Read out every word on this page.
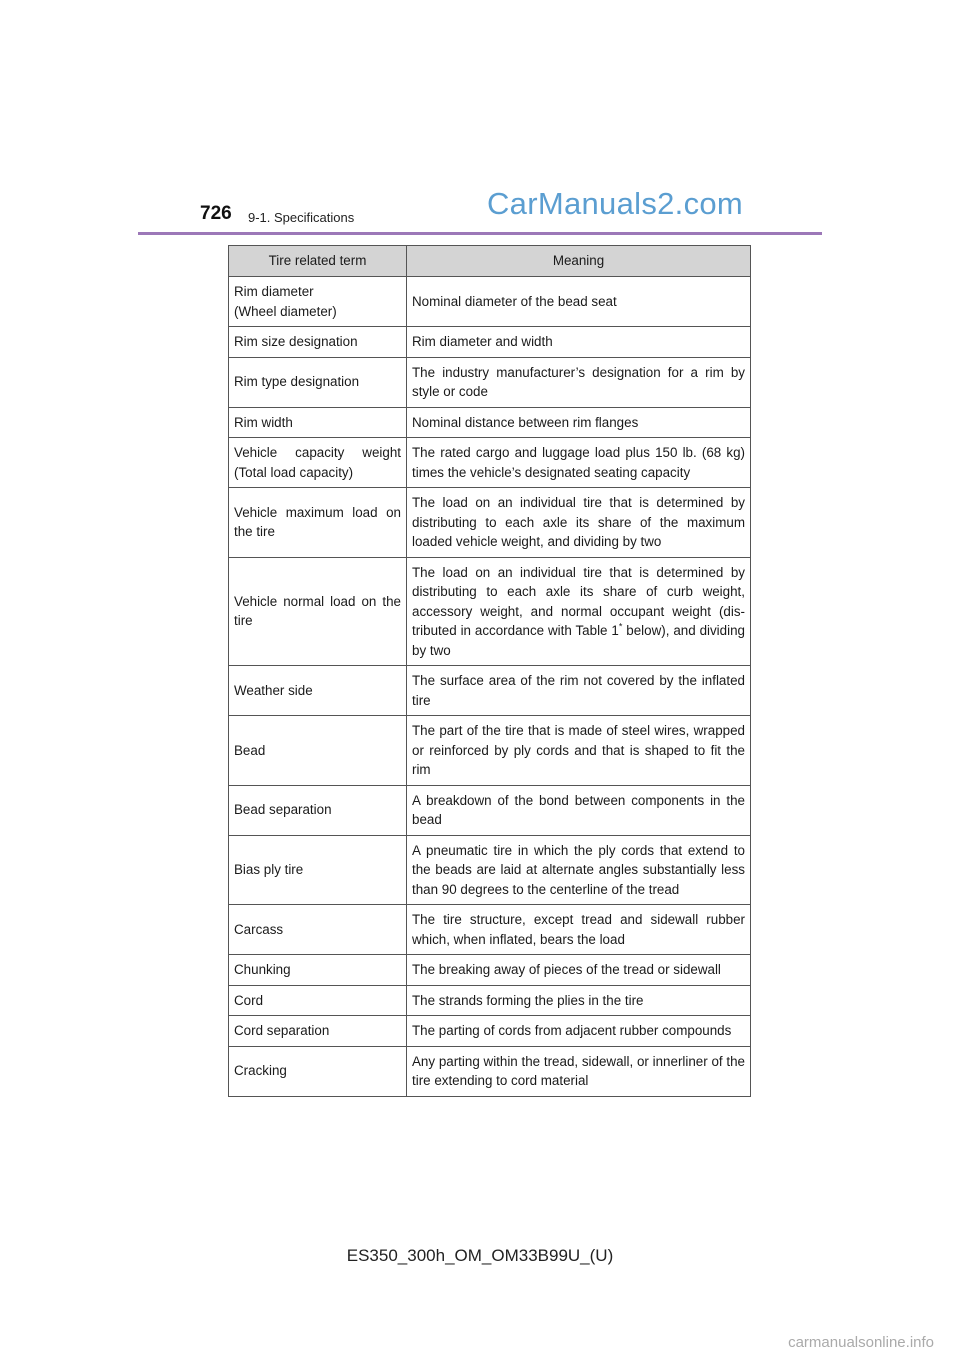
726 9-1. Specifications	CarManuals2.com
Tire related term	Meaning
Rim diameter
(Wheel diameter)	Nominal diameter of the bead seat
Rim size designation	Rim diameter and width
Rim type designation	The industry manufacturer’s designation for a rim by style or code
Rim width	Nominal distance between rim flanges
Vehicle capacity weight (Total load capacity)	The rated cargo and luggage load plus 150 lb. (68 kg) times the vehicle’s designated seating capacity
Vehicle maximum load on the tire	The load on an individual tire that is determined by distributing to each axle its share of the maximum loaded vehicle weight, and dividing by two
Vehicle normal load on the tire	The load on an individual tire that is determined by distributing to each axle its share of curb weight, accessory weight, and normal occupant weight (distributed in accordance with Table 1* below), and dividing by two
Weather side	The surface area of the rim not covered by the inflated tire
Bead	The part of the tire that is made of steel wires, wrapped or reinforced by ply cords and that is shaped to fit the rim
Bead separation	A breakdown of the bond between components in the bead
Bias ply tire	A pneumatic tire in which the ply cords that extend to the beads are laid at alternate angles substantially less than 90 degrees to the centerline of the tread
Carcass	The tire structure, except tread and sidewall rubber which, when inflated, bears the load
Chunking	The breaking away of pieces of the tread or sidewall
Cord	The strands forming the plies in the tire
Cord separation	The parting of cords from adjacent rubber compounds
Cracking	Any parting within the tread, sidewall, or innerliner of the tire extending to cord material
ES350_300h_OM_OM33B99U_(U)
carmanualsonline.info
